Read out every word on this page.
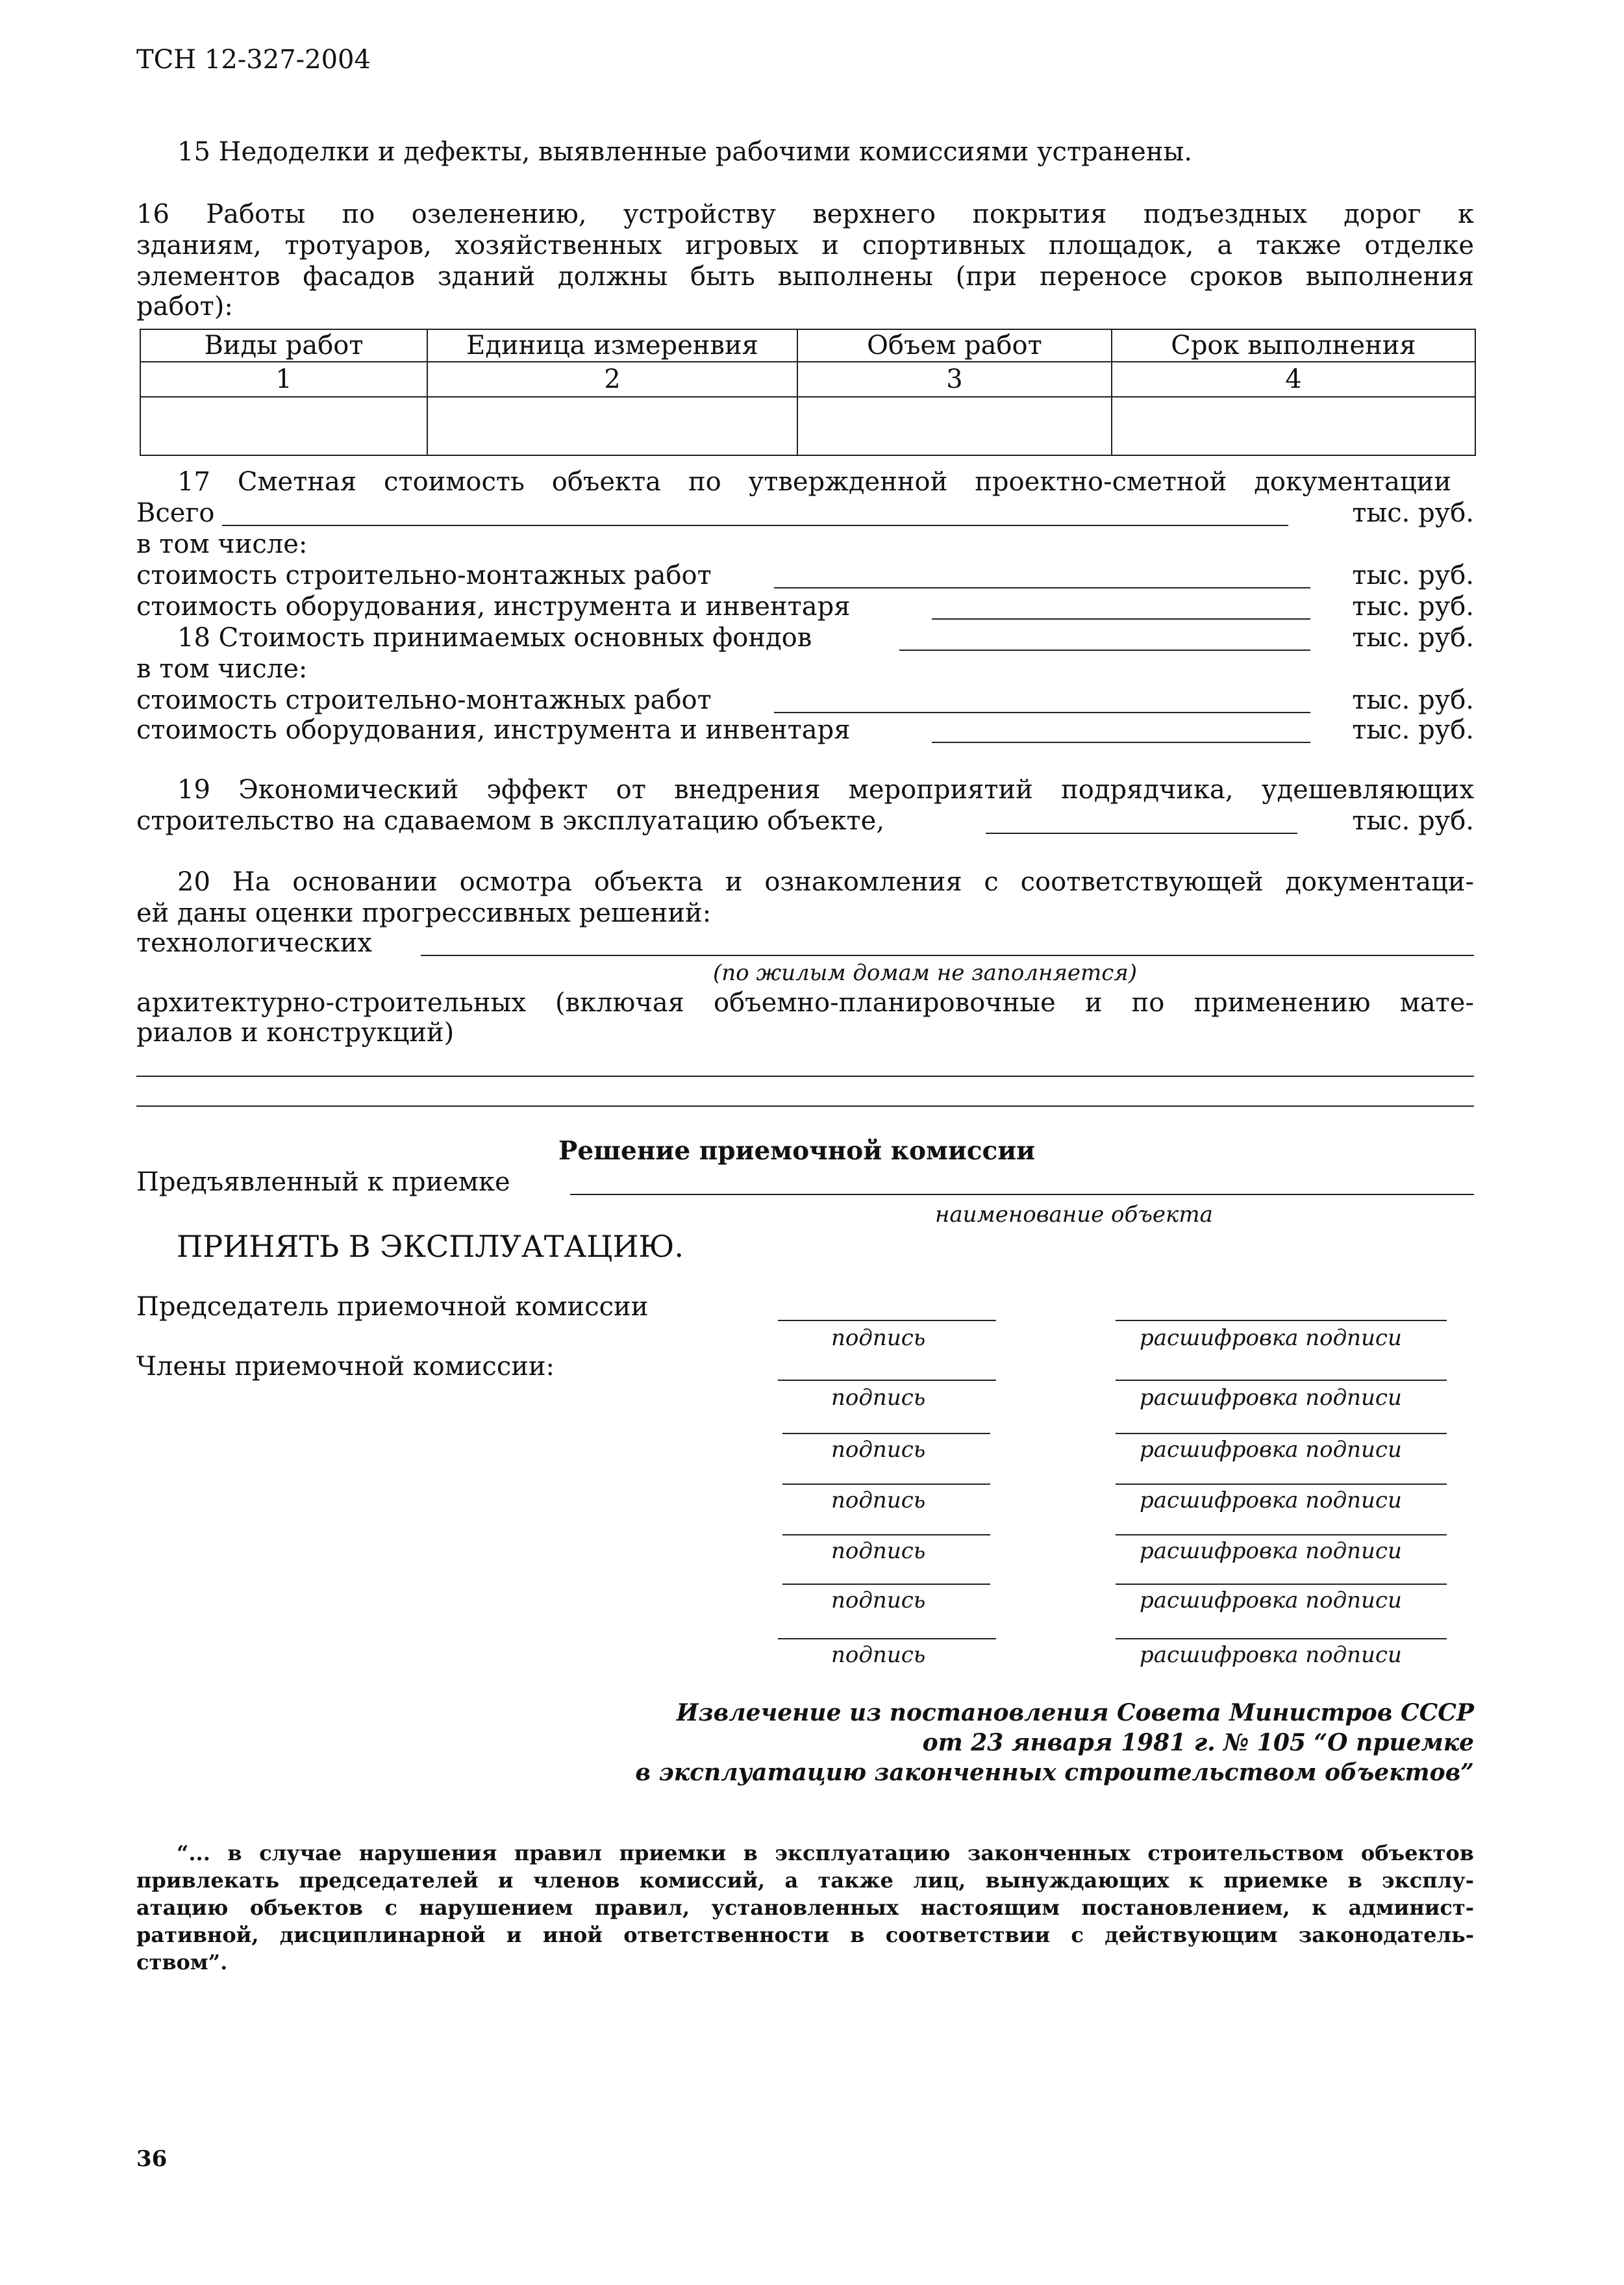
ТСН 12-327-2004
15 Недоделки и дефекты, выявленные рабочими комиссиями устранены.
16 Работы по озеленению, устройству верхнего покрытия подъездных дорог к
зданиям, тротуаров, хозяйственных игровых и спортивных площадок, а также отделке
элементов фасадов зданий должны быть выполнены (при переносе сроков выполнения
работ):
Виды работ	Единица измеренвия	Объем работ	Срок выполнения
1	2	3	4

17 Сметная стоимость объекта по утвержденной проектно-сметной документации
Всего	тыс. руб.
в том числе:
стоимость строительно-монтажных работ	тыс. руб.
стоимость оборудования, инструмента и инвентаря	тыс. руб.
18 Стоимость принимаемых основных фондов	тыс. руб.
в том числе:
стоимость строительно-монтажных работ	тыс. руб.
стоимость оборудования, инструмента и инвентаря	тыс. руб.
19 Экономический эффект от внедрения мероприятий подрядчика, удешевляющих
строительство на сдаваемом в эксплуатацию объекте,	тыс. руб.
20 На основании осмотра объекта и ознакомления с соответствующей документаци-
ей даны оценки прогрессивных решений:
технологических
(по жилым домам не заполняется)
архитектурно-строительных (включая объемно-планировочные и по применению мате-
риалов и конструкций)
Решение приемочной комиссии
Предъявленный к приемке
наименование объекта
ПРИНЯТЬ В ЭКСПЛУАТАЦИЮ.
Председатель приемочной комиссии
Члены приемочной комиссии:
подпись	расшифровка подписи
подпись	расшифровка подписи
подпись	расшифровка подписи
подпись	расшифровка подписи
подпись	расшифровка подписи
подпись	расшифровка подписи
подпись	расшифровка подписи
Извлечение из постановления Совета Министров СССР
от 23 января 1981 г. № 105 “О приемке
в эксплуатацию законченных строительством объектов”
“... в случае нарушения правил приемки в эксплуатацию законченных строительством объектов
привлекать председателей и членов комиссий, а также лиц, вынуждающих к приемке в эксплу-
атацию объектов с нарушением правил, установленных настоящим постановлением, к админист-
ративной, дисциплинарной и иной ответственности в соответствии с действующим законодатель-
ством”.
36
